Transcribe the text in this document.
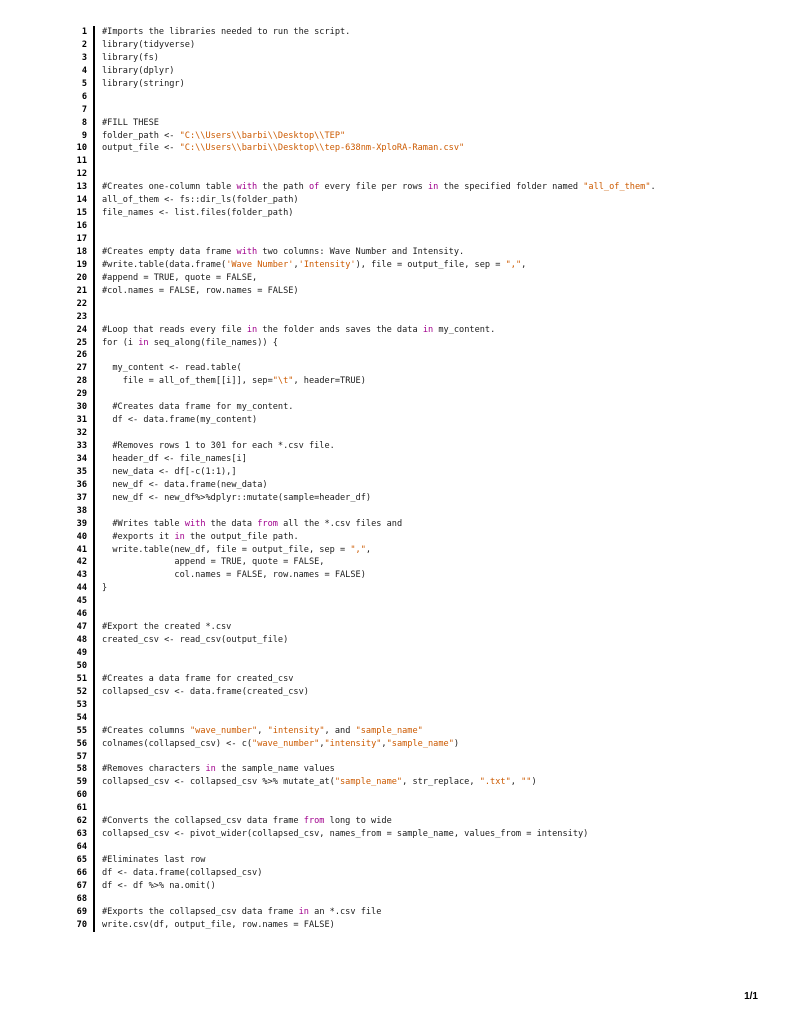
1 #Imports the libraries needed to run the script.
2 library(tidyverse)
3 library(fs)
4 library(dplyr)
5 library(stringr)
6
7
8 #FILL THESE
9 folder_path <- "C:\\Users\\barbi\\Desktop\\TEP"
10 output_file <- "C:\\Users\\barbi\\Desktop\\tep-638nm-XploRA-Raman.csv"
11
12
13 #Creates one-column table with the path of every file per rows in the specified folder named "all_of_them".
14 all_of_them <- fs::dir_ls(folder_path)
15 file_names <- list.files(folder_path)
16
17
18 #Creates empty data frame with two columns: Wave Number and Intensity.
19 #write.table(data.frame('Wave Number','Intensity'), file = output_file, sep = ",",
20 #append = TRUE, quote = FALSE,
21 #col.names = FALSE, row.names = FALSE)
22
23
24 #Loop that reads every file in the folder ands saves the data in my_content.
25 for (i in seq_along(file_names)) {
26
27 my_content <- read.table(
28 file = all_of_them[[i]], sep="\t", header=TRUE)
29
30 #Creates data frame for my_content.
31 df <- data.frame(my_content)
32
33 #Removes rows 1 to 301 for each *.csv file.
34 header_df <- file_names[i]
35 new_data <- df[-c(1:1),]
36 new_df <- data.frame(new_data)
37 new_df <- new_df%>%dplyr::mutate(sample=header_df)
38
39 #Writes table with the data from all the *.csv files and
40 #exports it in the output_file path.
41 write.table(new_df, file = output_file, sep = ",",
42 append = TRUE, quote = FALSE,
43 col.names = FALSE, row.names = FALSE)
44 }
45
46
47 #Export the created *.csv
48 created_csv <- read_csv(output_file)
49
50
51 #Creates a data frame for created_csv
52 collapsed_csv <- data.frame(created_csv)
53
54
55 #Creates columns "wave_number", "intensity", and "sample_name"
56 colnames(collapsed_csv) <- c("wave_number","intensity","sample_name")
57
58 #Removes characters in the sample_name values
59 collapsed_csv <- collapsed_csv %>% mutate_at("sample_name", str_replace, ".txt", "")
60
61
62 #Converts the collapsed_csv data frame from long to wide
63 collapsed_csv <- pivot_wider(collapsed_csv, names_from = sample_name, values_from = intensity)
64
65 #Eliminates last row
66 df <- data.frame(collapsed_csv)
67 df <- df %>% na.omit()
68
69 #Exports the collapsed_csv data frame in an *.csv file
70 write.csv(df, output_file, row.names = FALSE)
1/1
